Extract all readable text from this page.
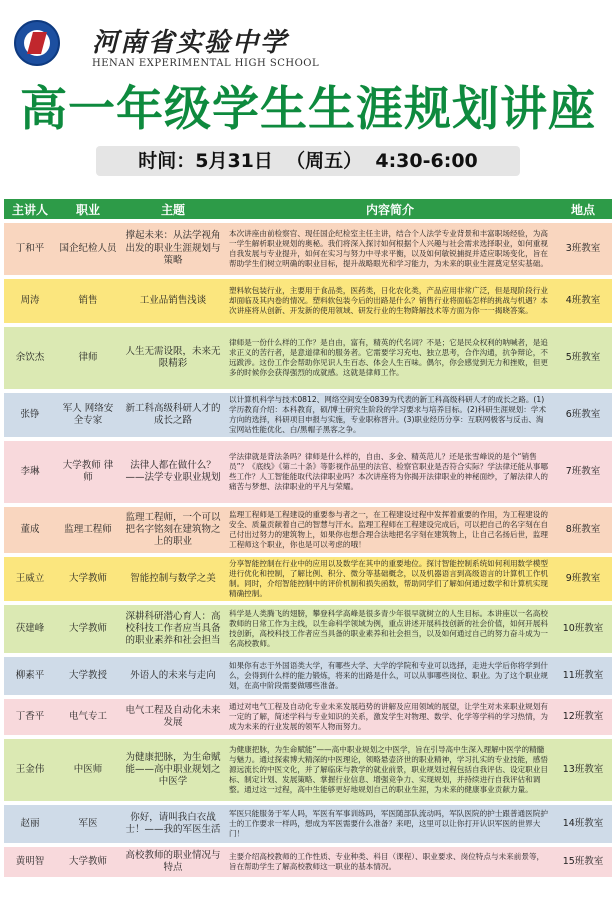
河南省实验中学
HENAN EXPERIMENTAL HIGH SCHOOL
高一年级学生生涯规划讲座
时间：5月31日  （周五）  4:30-6:00
主讲人	职业	主题	内容简介	地点
丁和平	国企纪检人员	撑起未来：从法学视角出发的职业生涯规划与策略	本次讲座由前检察官、现任国企纪检室主任主讲，结合个人法学专业背景和丰富职场经验，为高一学生解析职业规划的奥秘。我们将深入探讨如何根据个人兴趣与社会需求选择职业，如何重视自我发展与专业提升，如何在实习与努力中寻求平衡，以及如何敏锐捕捉并适应职场变化，旨在帮助学生们树立明确的职业目标，提升战略眼光和学习能力，为未来的职业生涯奠定坚实基础。	3班教室
周涛	销售	工业品销售浅谈	塑料软包装行业，主要用于食品类，医药类，日化农化类，产品应用非常广泛，但是现阶段行业却面临及其内卷的情况。塑料软包装今后的出路是什么？销售行业将面临怎样的挑战与机遇？本次讲座将从创新、开发新的使用领域、研发行业的生物降解技术等方面为你一一揭晓答案。	4班教室
余饮杰	律师	人生无需设限，未来无限精彩	律师是一份什么样的工作？是自由，富有，精英的代名词？不是；它是民众权利的呐喊者，是追求正义的苦行者，是意道律和的服务者。它需要学习充电、独立思考，合作沟通，抗争辩论，不远跋涉。这份工作会帮助你见识人生百态、体会人生百味。偶尔，你会感觉到无力和挫败，但更多的时候你会获得强烈的成就感。这就是律师工作。	5班教室
张铮	军人 网络安全专家	新工科高级科研人才的成长之路	以计算机科学与技术0812、网络空间安全0839为代表的新工科高级科研人才的成长之路。(1)学历教育介绍：本科教育，硕/博士研究生阶段的学习要求与培养目标。(2)科研生涯规划：学术方向的选择，科研项目申报与实施，专业职称晋升。(3)职业经历分享：互联网极客与反击、淘宝网站性能优化、白/黑帽子黑客之争。	6班教室
李琳	大学教师 律师	法律人都在做什么？——法学专业职业规划	学法律就是背法条吗？律师是什么样的，自由、多金、精英范儿？还是张雪峰说的是个“销售员”？《底线》《第二十条》等影视作品里的法官、检察官职业是否符合实际？学法律还能从事哪些工作？人工智能能取代法律职业吗？本次讲座将为你揭开法律职业的神秘面纱，了解法律人的痛苦与梦想、法律职业的平凡与荣耀。	7班教室
董成	监理工程师	监理工程师，一个可以把名字铭刻在建筑物之上的职业	监理工程师是工程建设的重要参与者之一，在工程建设过程中发挥着重要的作用，为工程建设的安全、质量贡献着自己的智慧与汗水。监理工程师在工程建设完成后，可以把自己的名字刻在自己付出过努力的建筑物上，如果你也想合理合法地把名字刻在建筑物上，让自己名扬后世，监理工程师这个职业，你也是可以考虑的哦！	8班教室
王威立	大学教师	智能控制与数学之美	分享智能控制在行业中的应用以及数学在其中的重要地位。探讨智能控制系统如何利用数学模型进行优化和控制，了解比例、积分、微分等基础概念，以及机器语言到高级语言的计算机工作机制。同时，介绍智能控制中的评价机制和损失函数，帮助同学们了解如何通过数学和计算机实现精确控制。	9班教室
茯建峰	大学教师	深耕科研潜心育人：高校科技工作者应当具备的职业素养和社会担当	科学是人类腾飞的翅膀，攀登科学高峰是很多青少年很早就树立的人生目标。本讲座以一名高校教师的日常工作为主线，以生命科学领域为例，重点讲述开展科技创新的社会价值，如何开展科技创新，高校科技工作者应当具备的职业素养和社会担当，以及如何通过自己的努力奋斗成为一名高校教师。	10班教室
柳素平	大学教授	外语人的未来与走向	如果你有志于外国语类大学，有哪些大学、大学的学院和专业可以选择，走进大学后你将学到什么，会得到什么样的能力锻炼，将来的出路是什么，可以从事哪些岗位、职业。为了这个职业规划，在高中阶段需要做哪些准备。	11班教室
丁香平	电气专工	电气工程及自动化未来发展	通过对电气工程及自动化专业未来发展趋势的讲解及应用领域的展望，让学生对未来职业规划有一定的了解，简述学科与专业知识的关系，激发学生对物理、数学、化学等学科的学习热情，为成为未来的行业发展的领军人物而努力。	12班教室
王金伟	中医师	为健康把脉，为生命赋能——高中职业规划之中医学	为健康把脉，为生命赋能”——高中职业规划之中医学，旨在引导高中生深入理解中医学的精髓与魅力。通过探索博大精深的中医理论，领略悬壶济世的职业精神，学习扎实的专业技能，感悟源远流长的中医文化，并了解临床与教学的就业前景，职业规划过程包括自我评估、设定职业目标、制定计划、发展策略、掌握行业信息、增强竞争力、实现规划，并持续进行自我评估和调整。通过这一过程，高中生能够更好地规划自己的职业生涯，为未来的健康事业贡献力量。	13班教室
赵丽	军医	你好，请叫我白衣战士！——我的军医生活	军医只能服务于军人吗，军医有军事训练吗，军医随部队流动吗，军队医院的护士跟普通医院护士的工作要求一样吗，想成为军医需要什么准备？来吧，这里可以让你打开认识军医的世界大门！	14班教室
黄明智	大学教师	高校教师的职业情况与特点	主要介绍高校教师的工作性质、专业种类、科目（课程）、职业要求、岗位特点与未来前景等，旨在帮助学生了解高校教师这一职业的基本情况。	15班教室
